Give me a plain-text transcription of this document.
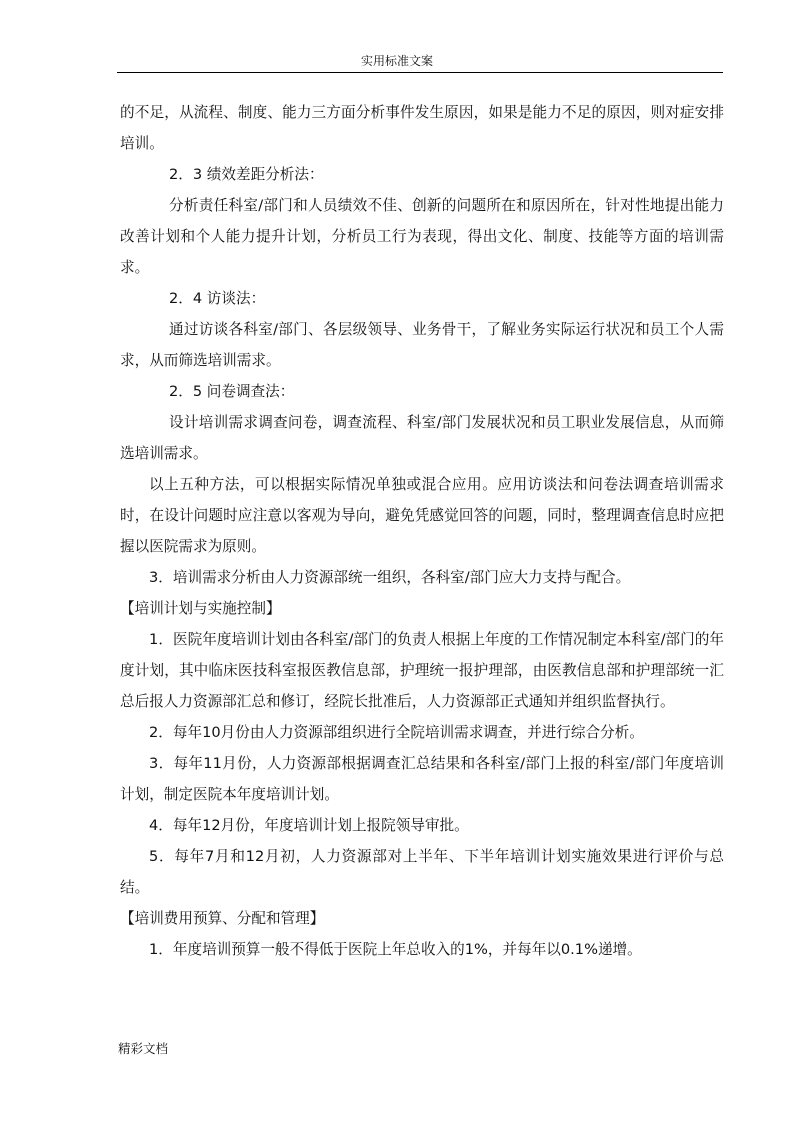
实用标准文案

的不足，从流程、制度、能力三方面分析事件发生原因，如果是能力不足的原因，则对症安排培训。

2．3 绩效差距分析法：

分析责任科室/部门和人员绩效不佳、创新的问题所在和原因所在，针对性地提出能力改善计划和个人能力提升计划，分析员工行为表现，得出文化、制度、技能等方面的培训需求。

2．4 访谈法：

通过访谈各科室/部门、各层级领导、业务骨干，了解业务实际运行状况和员工个人需求，从而筛选培训需求。

2．5 问卷调查法：

设计培训需求调查问卷，调查流程、科室/部门发展状况和员工职业发展信息，从而筛选培训需求。

以上五种方法，可以根据实际情况单独或混合应用。应用访谈法和问卷法调查培训需求时，在设计问题时应注意以客观为导向，避免凭感觉回答的问题，同时，整理调查信息时应把握以医院需求为原则。

3．培训需求分析由人力资源部统一组织，各科室/部门应大力支持与配合。

【培训计划与实施控制】

1．医院年度培训计划由各科室/部门的负责人根据上年度的工作情况制定本科室/部门的年度计划，其中临床医技科室报医教信息部，护理统一报护理部，由医教信息部和护理部统一汇总后报人力资源部汇总和修订，经院长批准后，人力资源部正式通知并组织监督执行。

2．每年10月份由人力资源部组织进行全院培训需求调查，并进行综合分析。

3．每年11月份，人力资源部根据调查汇总结果和各科室/部门上报的科室/部门年度培训计划，制定医院本年度培训计划。

4．每年12月份，年度培训计划上报院领导审批。

5．每年7月和12月初，人力资源部对上半年、下半年培训计划实施效果进行评价与总结。

【培训费用预算、分配和管理】

1．年度培训预算一般不得低于医院上年总收入的1%，并每年以0.1%递增。

精彩文档
